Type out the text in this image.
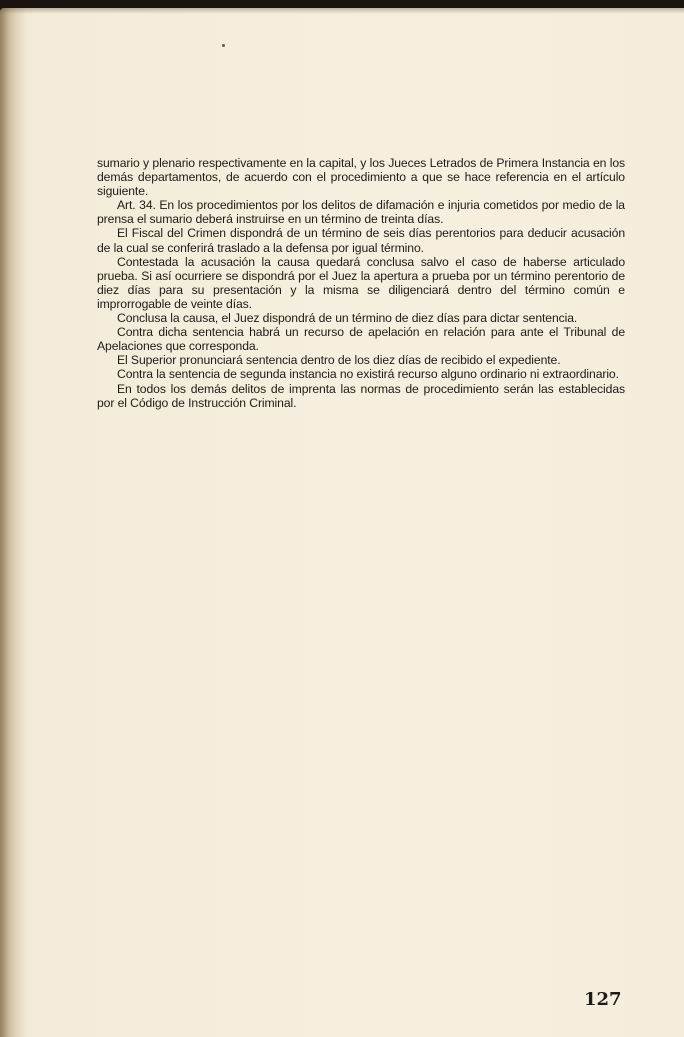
sumario y plenario respectivamente en la capital, y los Jueces Letrados de Primera Instancia en los demás departamentos, de acuerdo con el procedimiento a que se hace referencia en el artículo siguiente.

Art. 34. En los procedimientos por los delitos de difamación e injuria cometidos por medio de la prensa el sumario deberá instruirse en un término de treinta días.

El Fiscal del Crimen dispondrá de un término de seis días perentorios para deducir acusación de la cual se conferirá traslado a la defensa por igual término.

Contestada la acusación la causa quedará conclusa salvo el caso de haberse articulado prueba. Si así ocurriere se dispondrá por el Juez la apertura a prueba por un término perentorio de diez días para su presentación y la misma se diligenciará dentro del término común e improrrogable de veinte días.

Conclusa la causa, el Juez dispondrá de un término de diez días para dictar sentencia.

Contra dicha sentencia habrá un recurso de apelación en relación para ante el Tribunal de Apelaciones que corresponda.

El Superior pronunciará sentencia dentro de los diez días de recibido el expediente.

Contra la sentencia de segunda instancia no existirá recurso alguno ordinario ni extraordinario.

En todos los demás delitos de imprenta las normas de procedimiento serán las establecidas por el Código de Instrucción Criminal.

127
